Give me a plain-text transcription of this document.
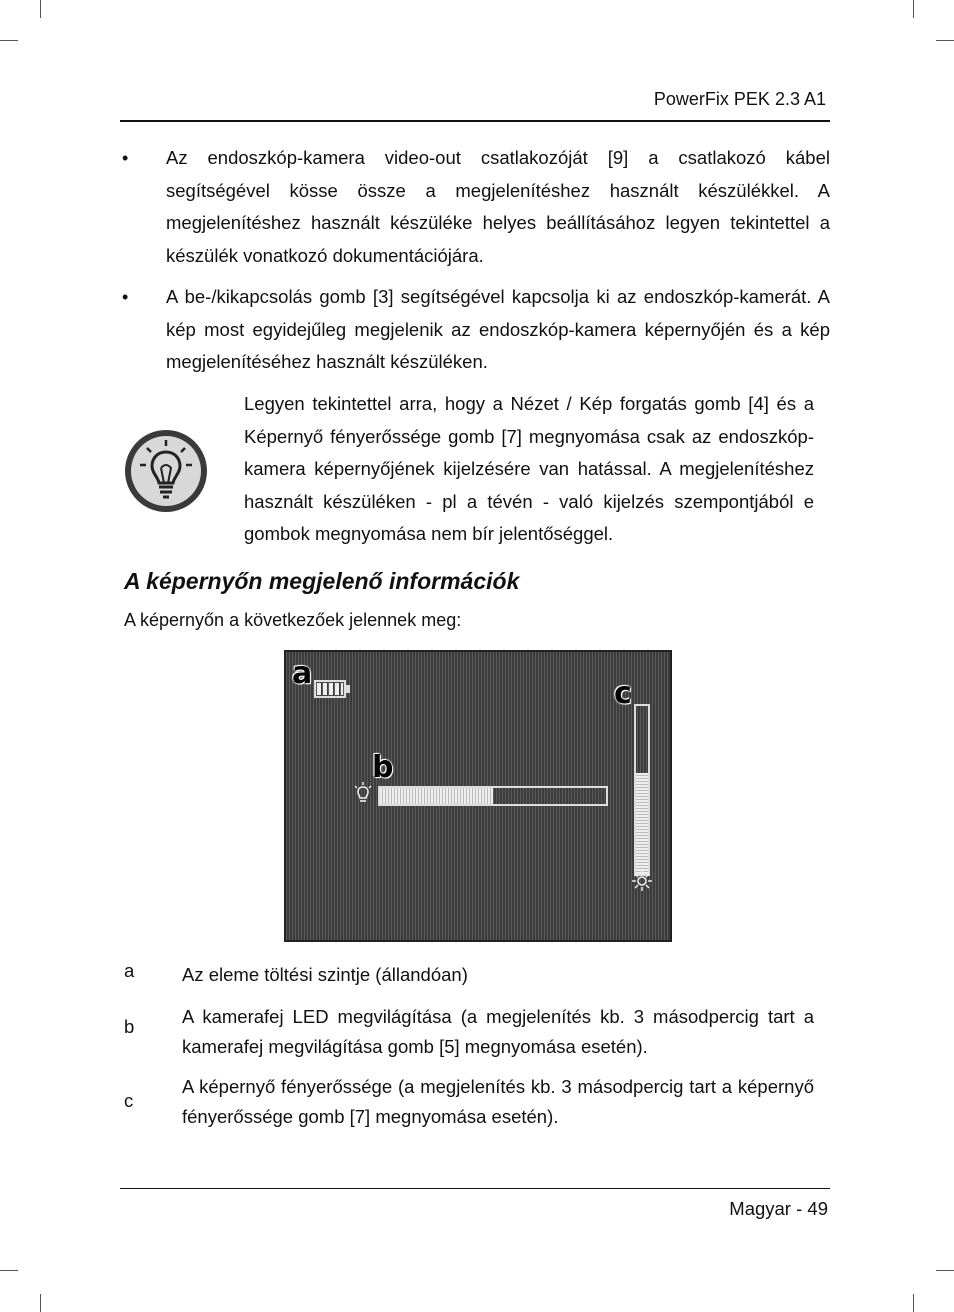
PowerFix PEK 2.3 A1
• Az endoszkóp-kamera video-out csatlakozóját [9] a csatlakozó kábel segítségével kösse össze a megjelenítéshez használt készülékkel. A megjelenítéshez használt készüléke helyes beállításához legyen tekintettel a készülék vonatkozó dokumentációjára.
• A be-/kikapcsolás gomb [3] segítségével kapcsolja ki az endoszkóp-kamerát. A kép most egyidejűleg megjelenik az endoszkóp-kamera képernyőjén és a kép megjelenítéséhez használt készüléken.
Legyen tekintettel arra, hogy a Nézet / Kép forgatás gomb [4] és a Képernyő fényerőssége gomb [7] megnyomása csak az endoszkóp-kamera képernyőjének kijelzésére van hatással. A megjelenítéshez használt készüléken - pl a tévén - való kijelzés szempontjából e gombok megnyomása nem bír jelentőséggel.
A képernyőn megjelenő információk
A képernyőn a következőek jelennek meg:
a
b
c
a	Az eleme töltési szintje (állandóan)
b	A kamerafej LED megvilágítása (a megjelenítés kb. 3 másodpercig tart a kamerafej megvilágítása gomb [5] megnyomása esetén).
c
A képernyő fényerőssége (a megjelenítés kb. 3 másodpercig tart a képernyő fényerőssége gomb [7] megnyomása esetén).
Magyar - 49
